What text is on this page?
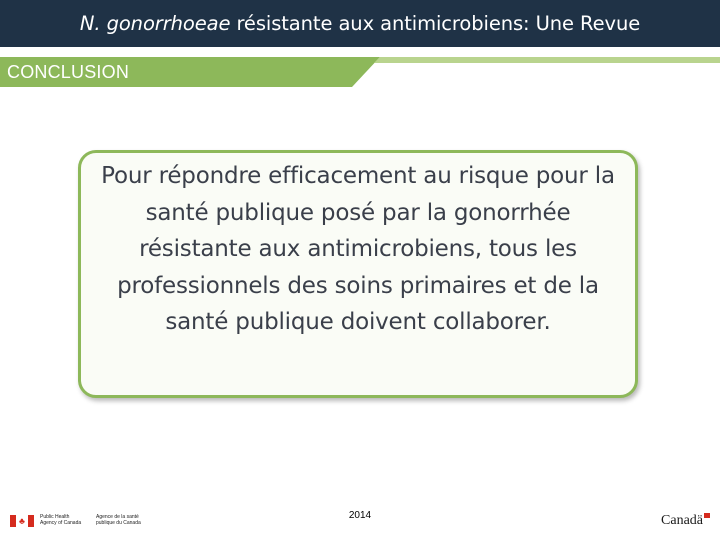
N. gonorrhoeae résistante aux antimicrobiens: Une Revue
CONCLUSION
Pour répondre efficacement au risque pour la santé publique posé par la gonorrhée résistante aux antimicrobiens, tous les professionnels des soins primaires et de la santé publique doivent collaborer.
♣	Public Health
Agency of Canada
Agence de la santé
publique du Canada
2014	Canadä
